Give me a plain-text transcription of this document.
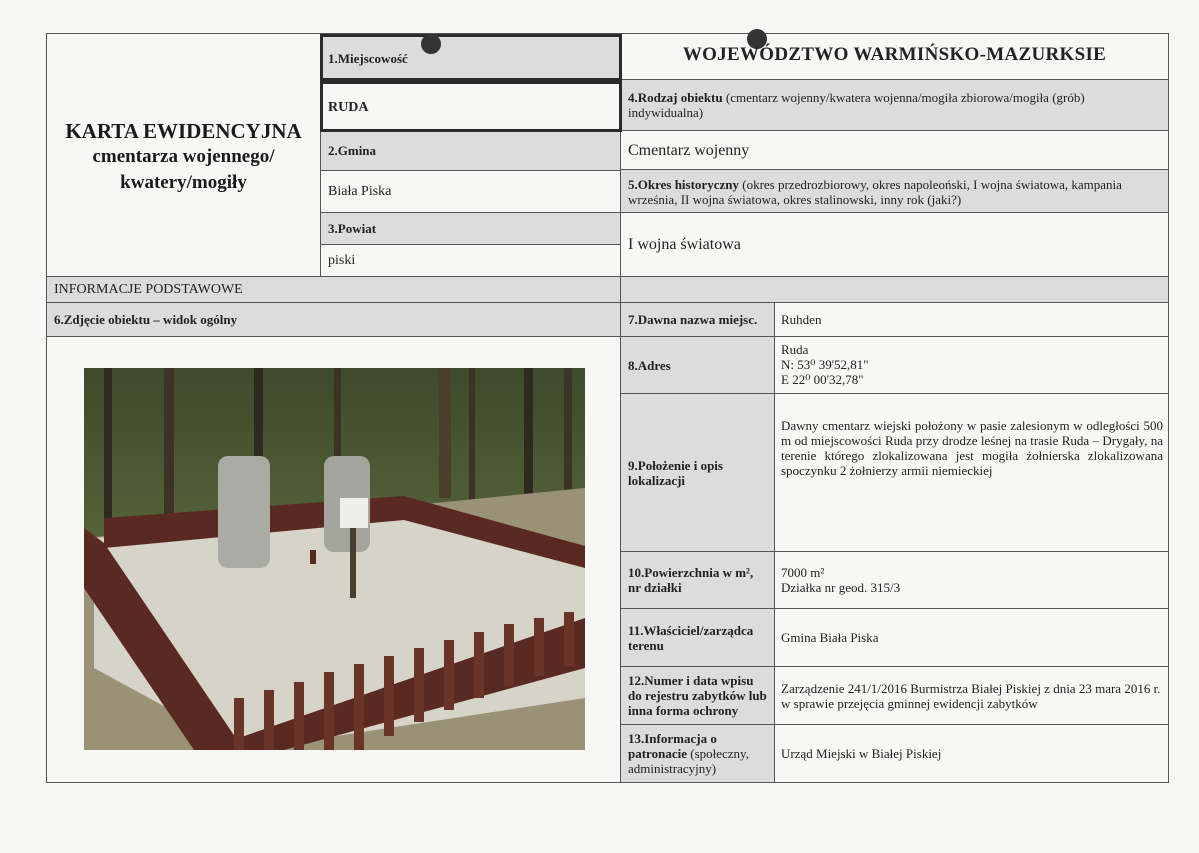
KARTA EWIDENCYJNA
cmentarza wojennego/
kwatery/mogiły
WOJEWÓDZTWO WARMIŃSKO-MAZURKSIE
1.Miejscowość
RUDA
2.Gmina
Biała Piska
3.Powiat
piski
4.Rodzaj obiektu (cmentarz wojenny/kwatera wojenna/mogiła zbiorowa/mogiła (grób) indywidualna)
Cmentarz wojenny
5.Okres historyczny (okres przedrozbiorowy, okres napoleoński, I wojna światowa, kampania września, II wojna światowa, okres stalinowski, inny rok (jaki?)
I wojna światowa
INFORMACJE PODSTAWOWE
6.Zdjęcie obiektu – widok ogólny	7.Dawna nazwa miejsc.	Ruhden
8.Adres
Ruda
N: 53⁰ 39'52,81"
E 22⁰ 00'32,78"
9.Położenie i opis lokalizacji
Dawny cmentarz wiejski położony w pasie zalesionym w odległości 500 m od miejscowości Ruda przy drodze leśnej na trasie Ruda – Drygały, na terenie którego zlokalizowana jest mogiła żołnierska zlokalizowana spoczynku 2 żołnierzy armii niemieckiej
10.Powierzchnia w m², nr działki
7000 m²
Działka nr geod. 315/3
11.Właściciel/zarządca terenu	Gmina Biała Piska
12.Numer i data wpisu do rejestru zabytków lub inna forma ochrony
Zarządzenie 241/1/2016 Burmistrza Białej Piskiej z dnia 23 mara 2016 r. w sprawie przejęcia gminnej ewidencji zabytków
13.Informacja o patronacie (społeczny, administracyjny)
Urząd Miejski w Białej Piskiej
